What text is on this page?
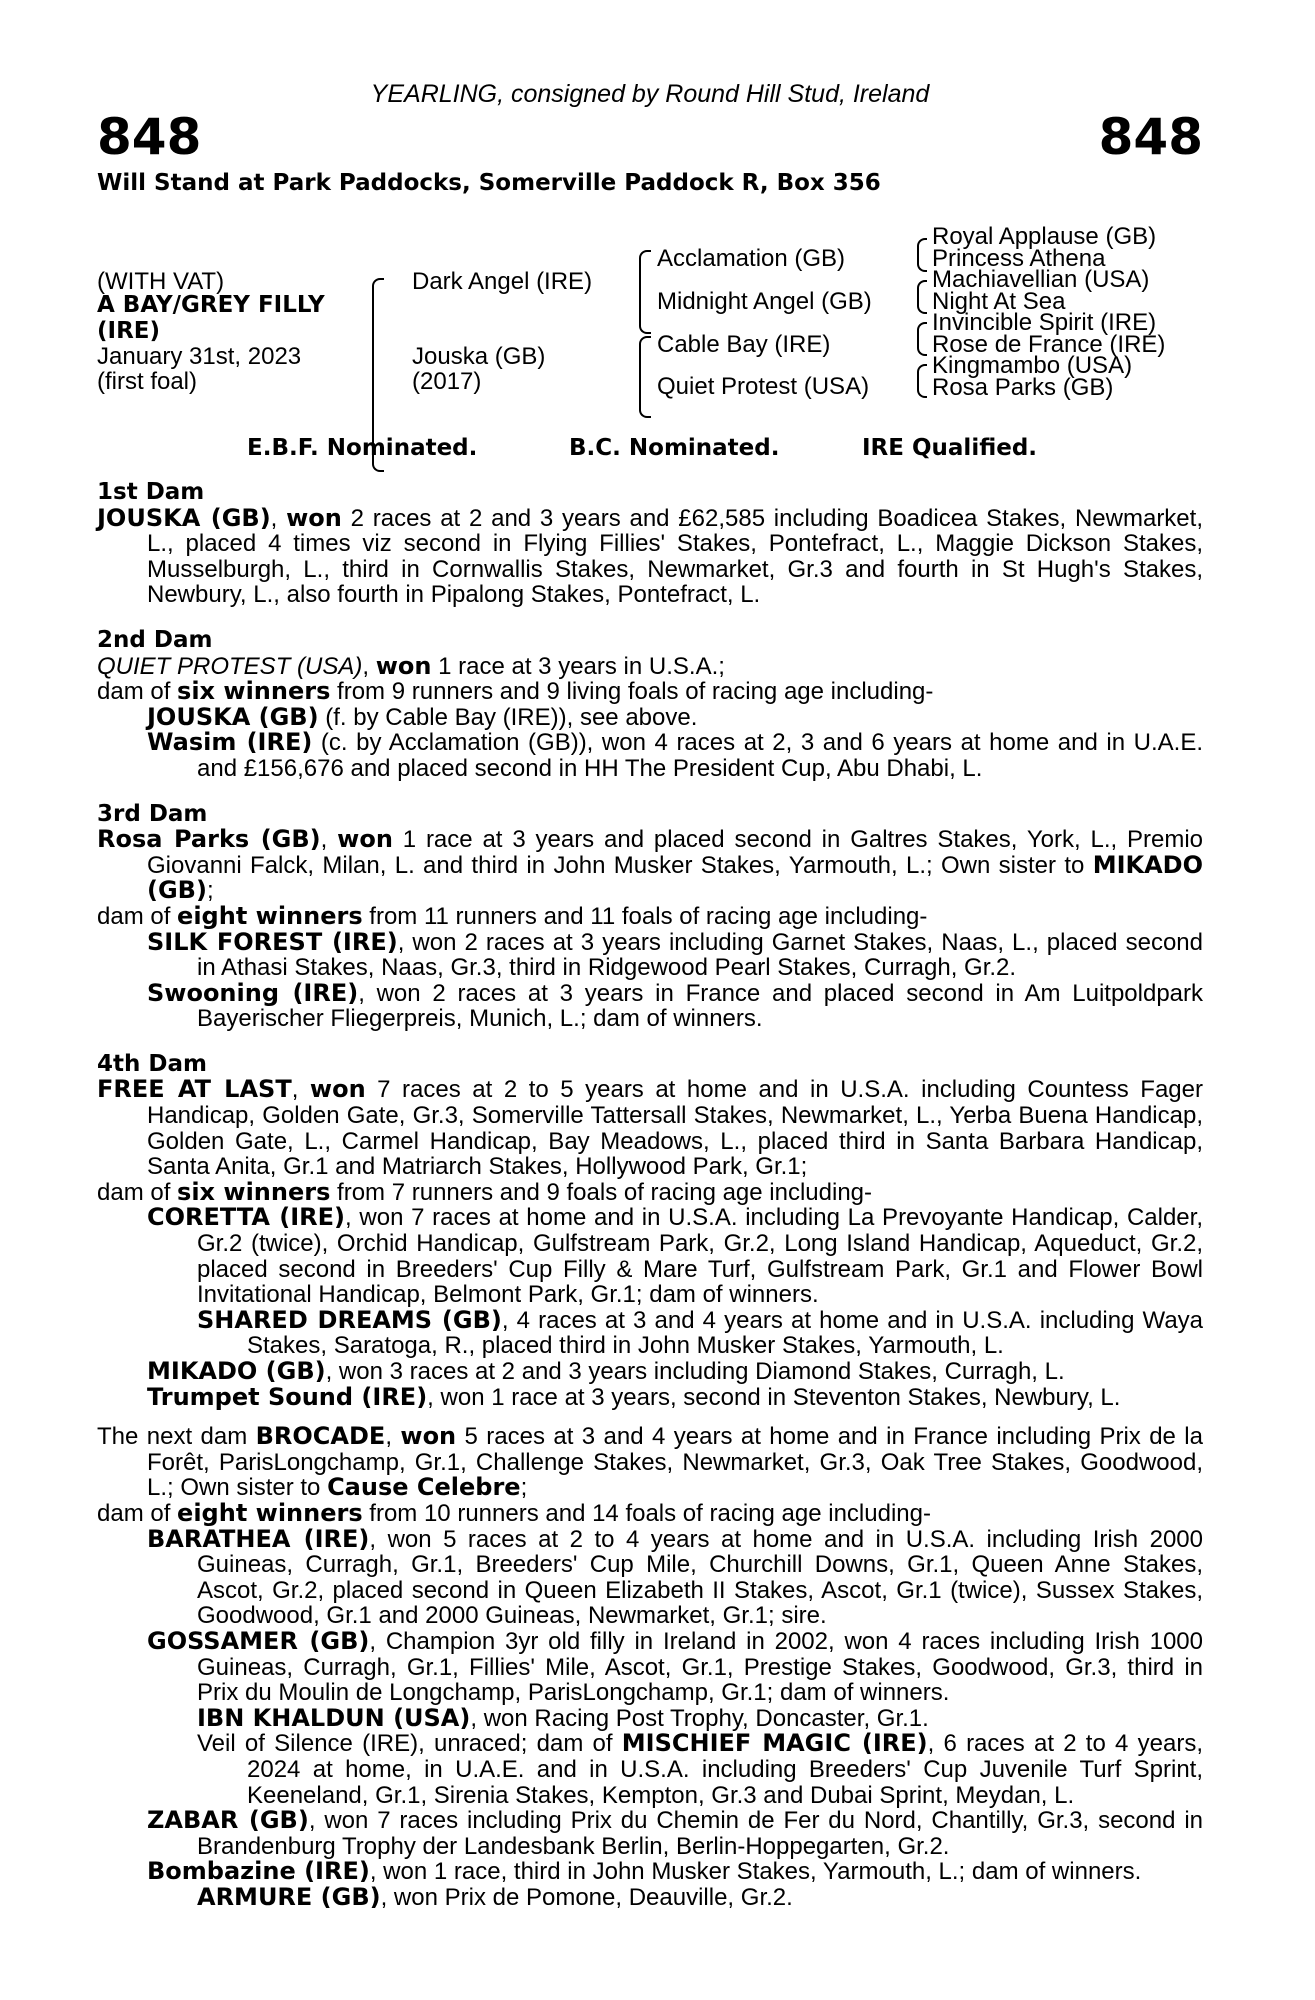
YEARLING, consigned by Round Hill Stud, Ireland
848	848
Will Stand at Park Paddocks, Somerville Paddock R, Box 356
(WITH VAT)
A BAY/GREY FILLY
(IRE)
January 31st, 2023
(first foal)
Dark Angel (IRE)
Jouska (GB)
(2017)
Acclamation (GB)
Midnight Angel (GB)
Cable Bay (IRE)
Quiet Protest (USA)
Royal Applause (GB)
Princess Athena
Machiavellian (USA)
Night At Sea
Invincible Spirit (IRE)
Rose de France (IRE)
Kingmambo (USA)
Rosa Parks (GB)
E.B.F. Nominated.	B.C. Nominated.	IRE Qualified.
1st Dam
JOUSKA (GB), won 2 races at 2 and 3 years and £62,585 including Boadicea Stakes, Newmarket, L., placed 4 times viz second in Flying Fillies' Stakes, Pontefract, L., Maggie Dickson Stakes, Musselburgh, L., third in Cornwallis Stakes, Newmarket, Gr.3 and fourth in St Hugh's Stakes, Newbury, L., also fourth in Pipalong Stakes, Pontefract, L.
2nd Dam
QUIET PROTEST (USA), won 1 race at 3 years in U.S.A.;
dam of six winners from 9 runners and 9 living foals of racing age including-
JOUSKA (GB) (f. by Cable Bay (IRE)), see above.
Wasim (IRE) (c. by Acclamation (GB)), won 4 races at 2, 3 and 6 years at home and in U.A.E. and £156,676 and placed second in HH The President Cup, Abu Dhabi, L.
3rd Dam
Rosa Parks (GB), won 1 race at 3 years and placed second in Galtres Stakes, York, L., Premio Giovanni Falck, Milan, L. and third in John Musker Stakes, Yarmouth, L.; Own sister to MIKADO (GB);
dam of eight winners from 11 runners and 11 foals of racing age including-
SILK FOREST (IRE), won 2 races at 3 years including Garnet Stakes, Naas, L., placed second in Athasi Stakes, Naas, Gr.3, third in Ridgewood Pearl Stakes, Curragh, Gr.2.
Swooning (IRE), won 2 races at 3 years in France and placed second in Am Luitpoldpark Bayerischer Fliegerpreis, Munich, L.; dam of winners.
4th Dam
FREE AT LAST, won 7 races at 2 to 5 years at home and in U.S.A. including Countess Fager Handicap, Golden Gate, Gr.3, Somerville Tattersall Stakes, Newmarket, L., Yerba Buena Handicap, Golden Gate, L., Carmel Handicap, Bay Meadows, L., placed third in Santa Barbara Handicap, Santa Anita, Gr.1 and Matriarch Stakes, Hollywood Park, Gr.1;
dam of six winners from 7 runners and 9 foals of racing age including-
CORETTA (IRE), won 7 races at home and in U.S.A. including La Prevoyante Handicap, Calder, Gr.2 (twice), Orchid Handicap, Gulfstream Park, Gr.2, Long Island Handicap, Aqueduct, Gr.2, placed second in Breeders' Cup Filly & Mare Turf, Gulfstream Park, Gr.1 and Flower Bowl Invitational Handicap, Belmont Park, Gr.1; dam of winners.
SHARED DREAMS (GB), 4 races at 3 and 4 years at home and in U.S.A. including Waya Stakes, Saratoga, R., placed third in John Musker Stakes, Yarmouth, L.
MIKADO (GB), won 3 races at 2 and 3 years including Diamond Stakes, Curragh, L.
Trumpet Sound (IRE), won 1 race at 3 years, second in Steventon Stakes, Newbury, L.
The next dam BROCADE, won 5 races at 3 and 4 years at home and in France including Prix de la Forêt, ParisLongchamp, Gr.1, Challenge Stakes, Newmarket, Gr.3, Oak Tree Stakes, Goodwood, L.; Own sister to Cause Celebre;
dam of eight winners from 10 runners and 14 foals of racing age including-
BARATHEA (IRE), won 5 races at 2 to 4 years at home and in U.S.A. including Irish 2000 Guineas, Curragh, Gr.1, Breeders' Cup Mile, Churchill Downs, Gr.1, Queen Anne Stakes, Ascot, Gr.2, placed second in Queen Elizabeth II Stakes, Ascot, Gr.1 (twice), Sussex Stakes, Goodwood, Gr.1 and 2000 Guineas, Newmarket, Gr.1; sire.
GOSSAMER (GB), Champion 3yr old filly in Ireland in 2002, won 4 races including Irish 1000 Guineas, Curragh, Gr.1, Fillies' Mile, Ascot, Gr.1, Prestige Stakes, Goodwood, Gr.3, third in Prix du Moulin de Longchamp, ParisLongchamp, Gr.1; dam of winners.
IBN KHALDUN (USA), won Racing Post Trophy, Doncaster, Gr.1.
Veil of Silence (IRE), unraced; dam of MISCHIEF MAGIC (IRE), 6 races at 2 to 4 years, 2024 at home, in U.A.E. and in U.S.A. including Breeders' Cup Juvenile Turf Sprint, Keeneland, Gr.1, Sirenia Stakes, Kempton, Gr.3 and Dubai Sprint, Meydan, L.
ZABAR (GB), won 7 races including Prix du Chemin de Fer du Nord, Chantilly, Gr.3, second in Brandenburg Trophy der Landesbank Berlin, Berlin-Hoppegarten, Gr.2.
Bombazine (IRE), won 1 race, third in John Musker Stakes, Yarmouth, L.; dam of winners.
ARMURE (GB), won Prix de Pomone, Deauville, Gr.2.
